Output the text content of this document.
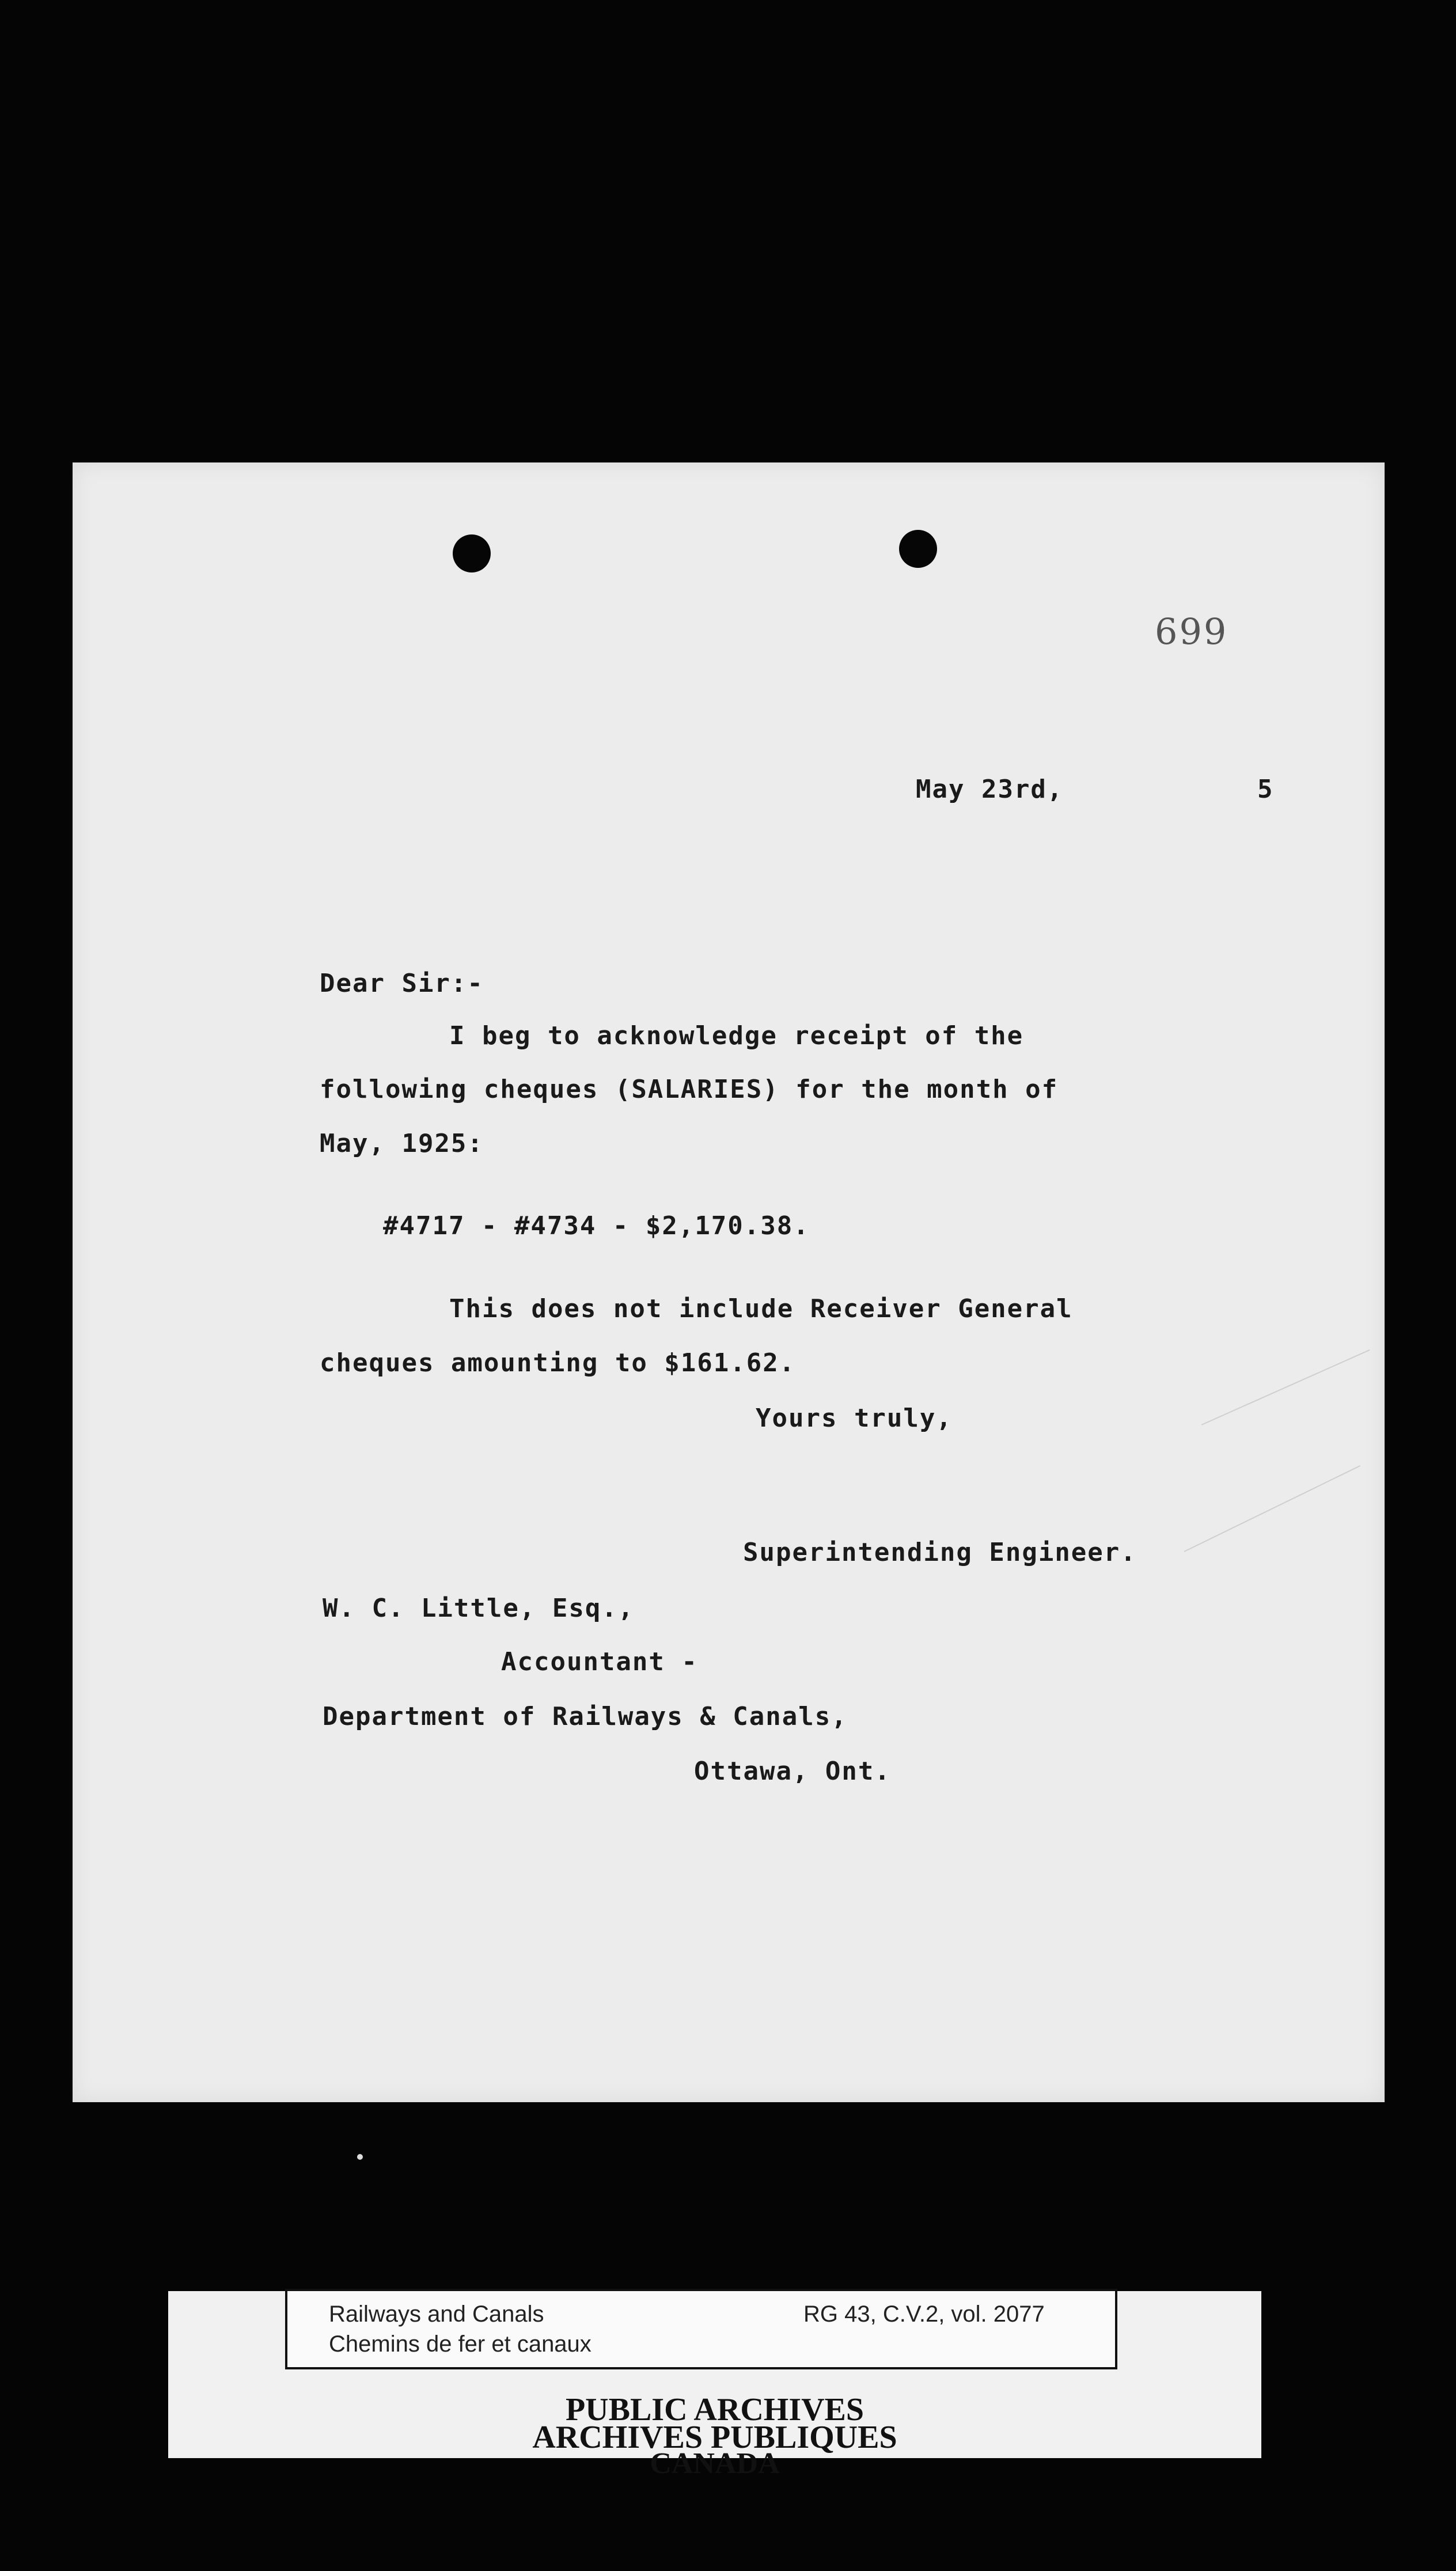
699
May 23rd,	5
Dear Sir:-
I beg to acknowledge receipt of the
following cheques (SALARIES) for the month of
May, 1925:
#4717 - #4734 - $2,170.38.
This does not include Receiver General
cheques amounting to $161.62.
Yours truly,
Superintending Engineer.
W. C. Little, Esq.,
Accountant -
Department of Railways & Canals,
Ottawa, Ont.
PUBLIC ARCHIVES
ARCHIVES PUBLIQUES
CANADA
Railways and Canals
Chemins de fer et canaux
RG 43, C.V.2, vol. 2077
